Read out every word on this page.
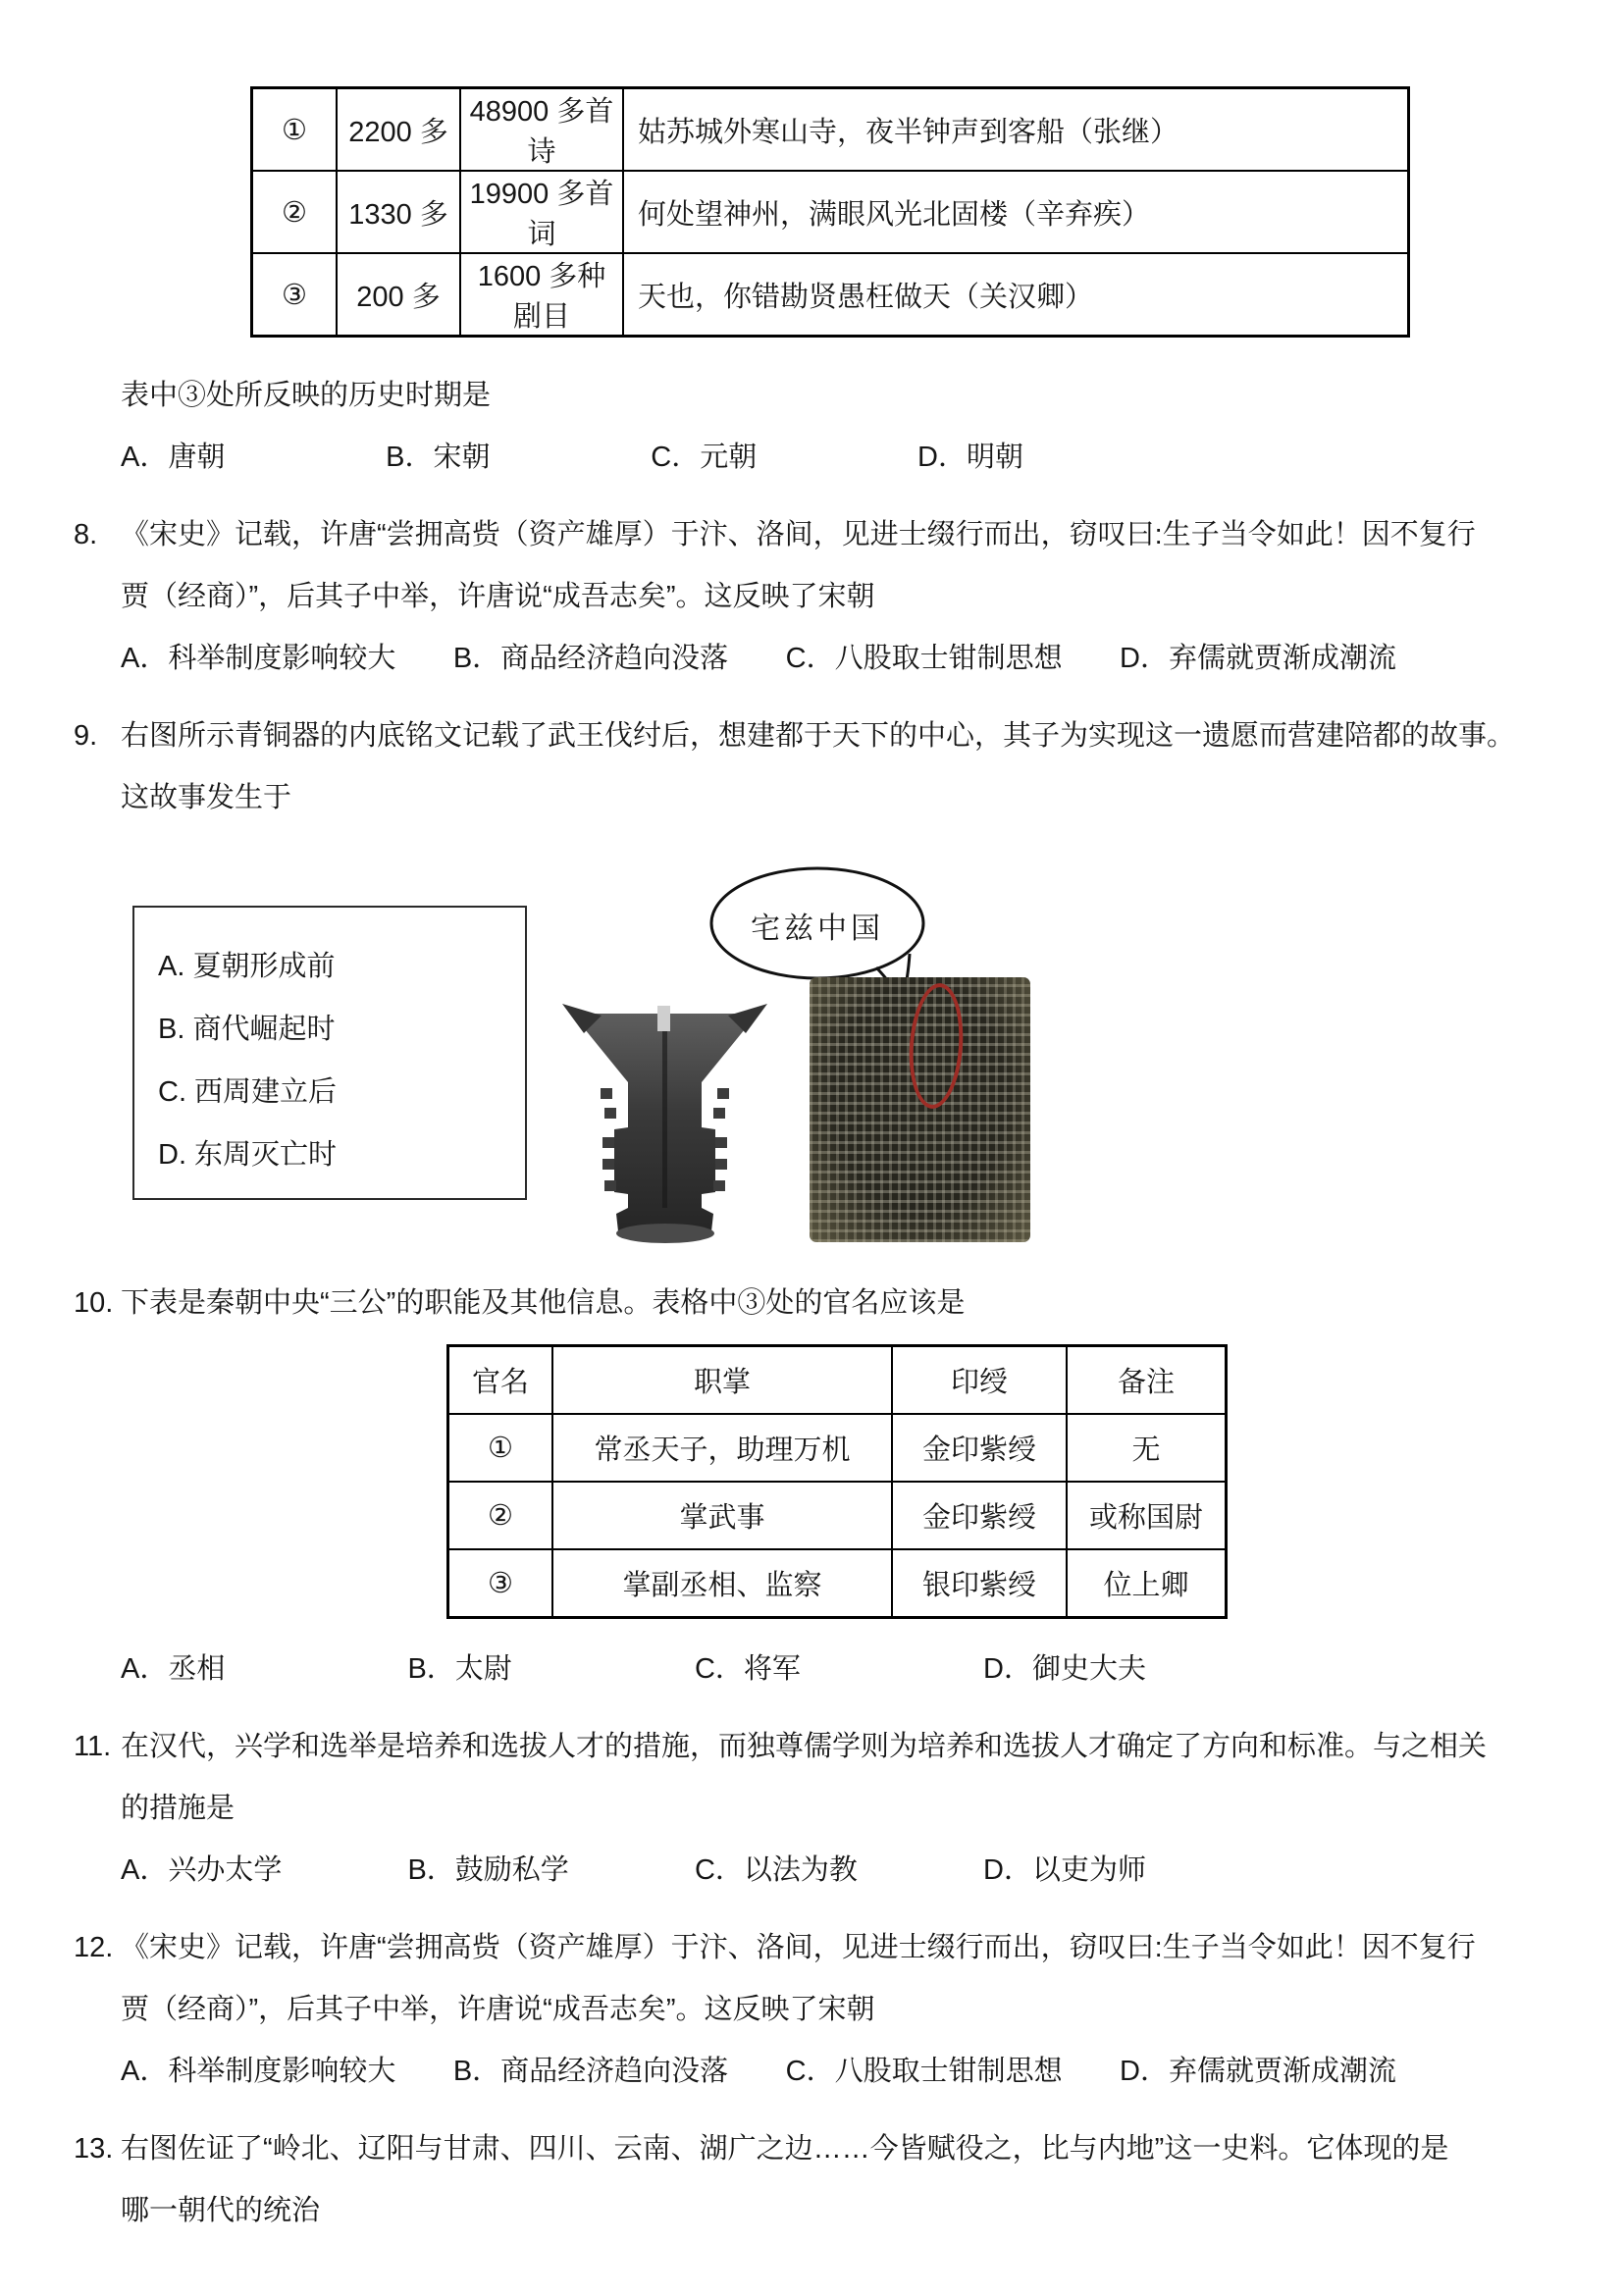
①	2200 多	48900 多首诗	姑苏城外寒山寺，夜半钟声到客船（张继）
②	1330 多	19900 多首词	何处望神州，满眼风光北固楼（辛弃疾）
③	200 多	1600 多种剧目	天也，你错勘贤愚枉做天（关汉卿）
表中③处所反映的历史时期是
A．唐朝	B．宋朝	C．元朝	D．明朝
8. 《宋史》记载，许唐“尝拥高赀（资产雄厚）于汴、洛间，见进士缀行而出，窃叹曰:生子当令如此！因不复行
贾（经商）”，后其子中举，许唐说“成吾志矣”。这反映了宋朝
A．科举制度影响较大 B．商品经济趋向没落 C．八股取士钳制思想 D．弃儒就贾渐成潮流
9. 右图所示青铜器的内底铭文记载了武王伐纣后，想建都于天下的中心，其子为实现这一遗愿而营建陪都的故事。
这故事发生于
A. 夏朝形成前
B. 商代崛起时
C. 西周建立后
D. 东周灭亡时
宅兹中国
10. 下表是秦朝中央“三公”的职能及其他信息。表格中③处的官名应该是
官名	职掌	印绶	备注
①	常丞天子，助理万机	金印紫绶	无
②	掌武事	金印紫绶	或称国尉
③	掌副丞相、监察	银印紫绶	位上卿
A．丞相	B．太尉	C．将军	D．御史大夫
11. 在汉代，兴学和选举是培养和选拔人才的措施，而独尊儒学则为培养和选拔人才确定了方向和标准。与之相关
的措施是
A．兴办太学	B．鼓励私学	C．以法为教	D．以吏为师
12. 《宋史》记载，许唐“尝拥高赀（资产雄厚）于汴、洛间，见进士缀行而出，窃叹曰:生子当令如此！因不复行
贾（经商）”，后其子中举，许唐说“成吾志矣”。这反映了宋朝
A．科举制度影响较大 B．商品经济趋向没落 C．八股取士钳制思想 D．弃儒就贾渐成潮流
13. 右图佐证了“岭北、辽阳与甘肃、四川、云南、湖广之边……今皆赋役之，比与内地”这一史料。它体现的是
哪一朝代的统治
